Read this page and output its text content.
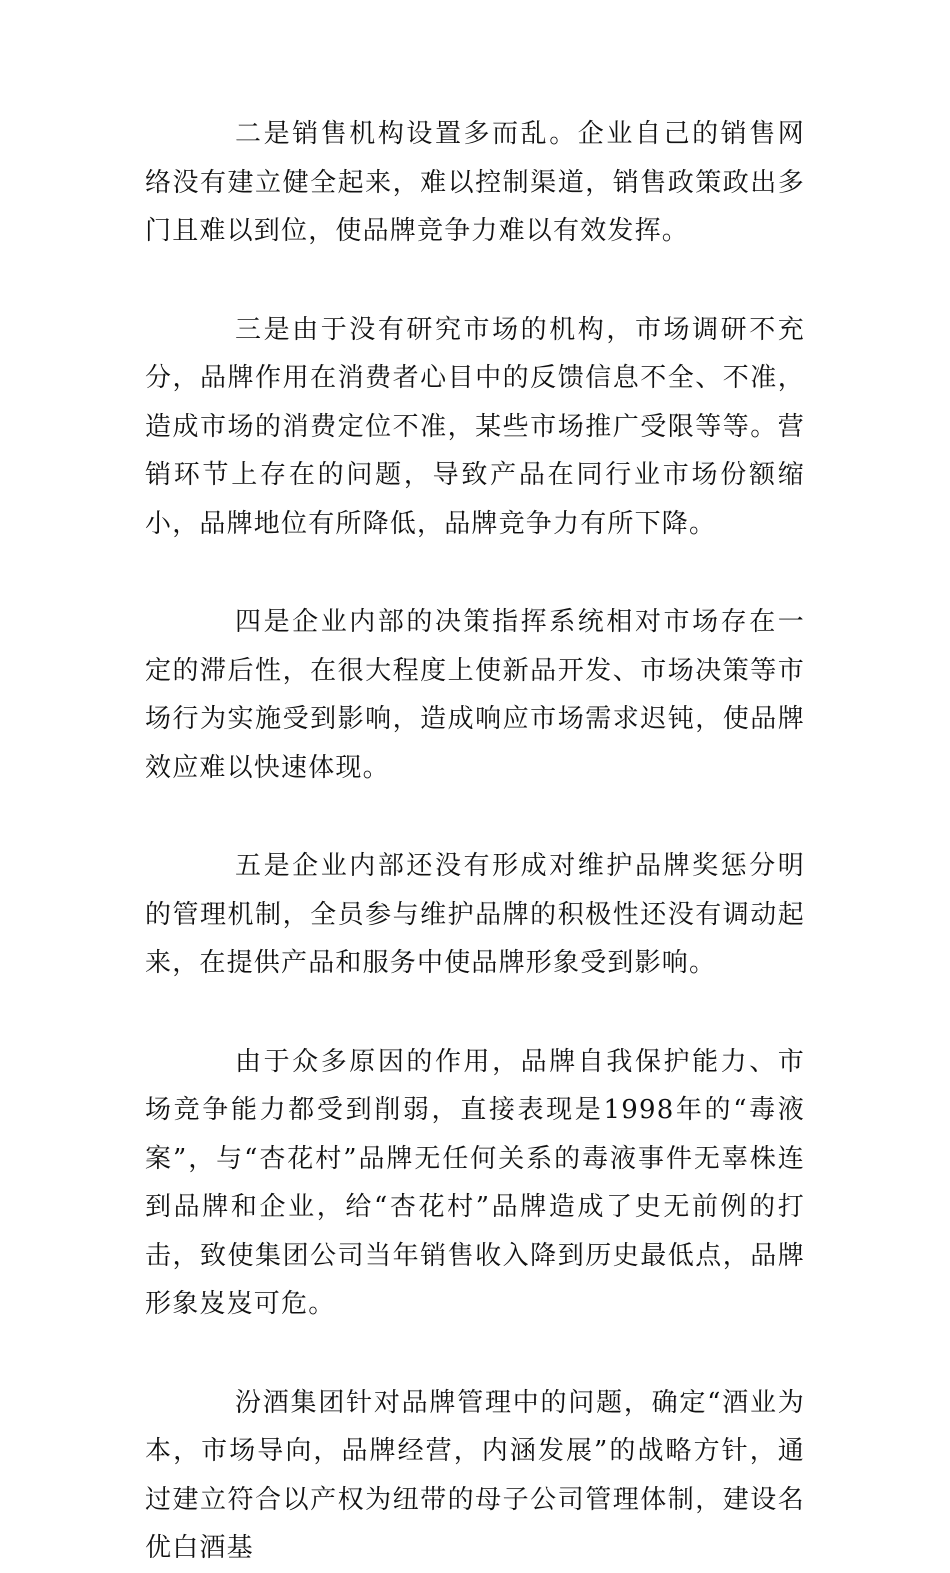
二是销售机构设置多而乱。企业自己的销售网络没有建立健全起来，难以控制渠道，销售政策政出多门且难以到位，使品牌竞争力难以有效发挥。

三是由于没有研究市场的机构，市场调研不充分，品牌作用在消费者心目中的反馈信息不全、不准，造成市场的消费定位不准，某些市场推广受限等等。营销环节上存在的问题，导致产品在同行业市场份额缩小，品牌地位有所降低，品牌竞争力有所下降。

四是企业内部的决策指挥系统相对市场存在一定的滞后性，在很大程度上使新品开发、市场决策等市场行为实施受到影响，造成响应市场需求迟钝，使品牌效应难以快速体现。

五是企业内部还没有形成对维护品牌奖惩分明的管理机制，全员参与维护品牌的积极性还没有调动起来，在提供产品和服务中使品牌形象受到影响。

由于众多原因的作用，品牌自我保护能力、市场竞争能力都受到削弱，直接表现是1998年的“毒液案”，与“杏花村”品牌无任何关系的毒液事件无辜株连到品牌和企业，给“杏花村”品牌造成了史无前例的打击，致使集团公司当年销售收入降到历史最低点，品牌形象岌岌可危。

汾酒集团针对品牌管理中的问题，确定“酒业为本，市场导向，品牌经营，内涵发展”的战略方针，通过建立符合以产权为纽带的母子公司管理体制，建设名优白酒基
